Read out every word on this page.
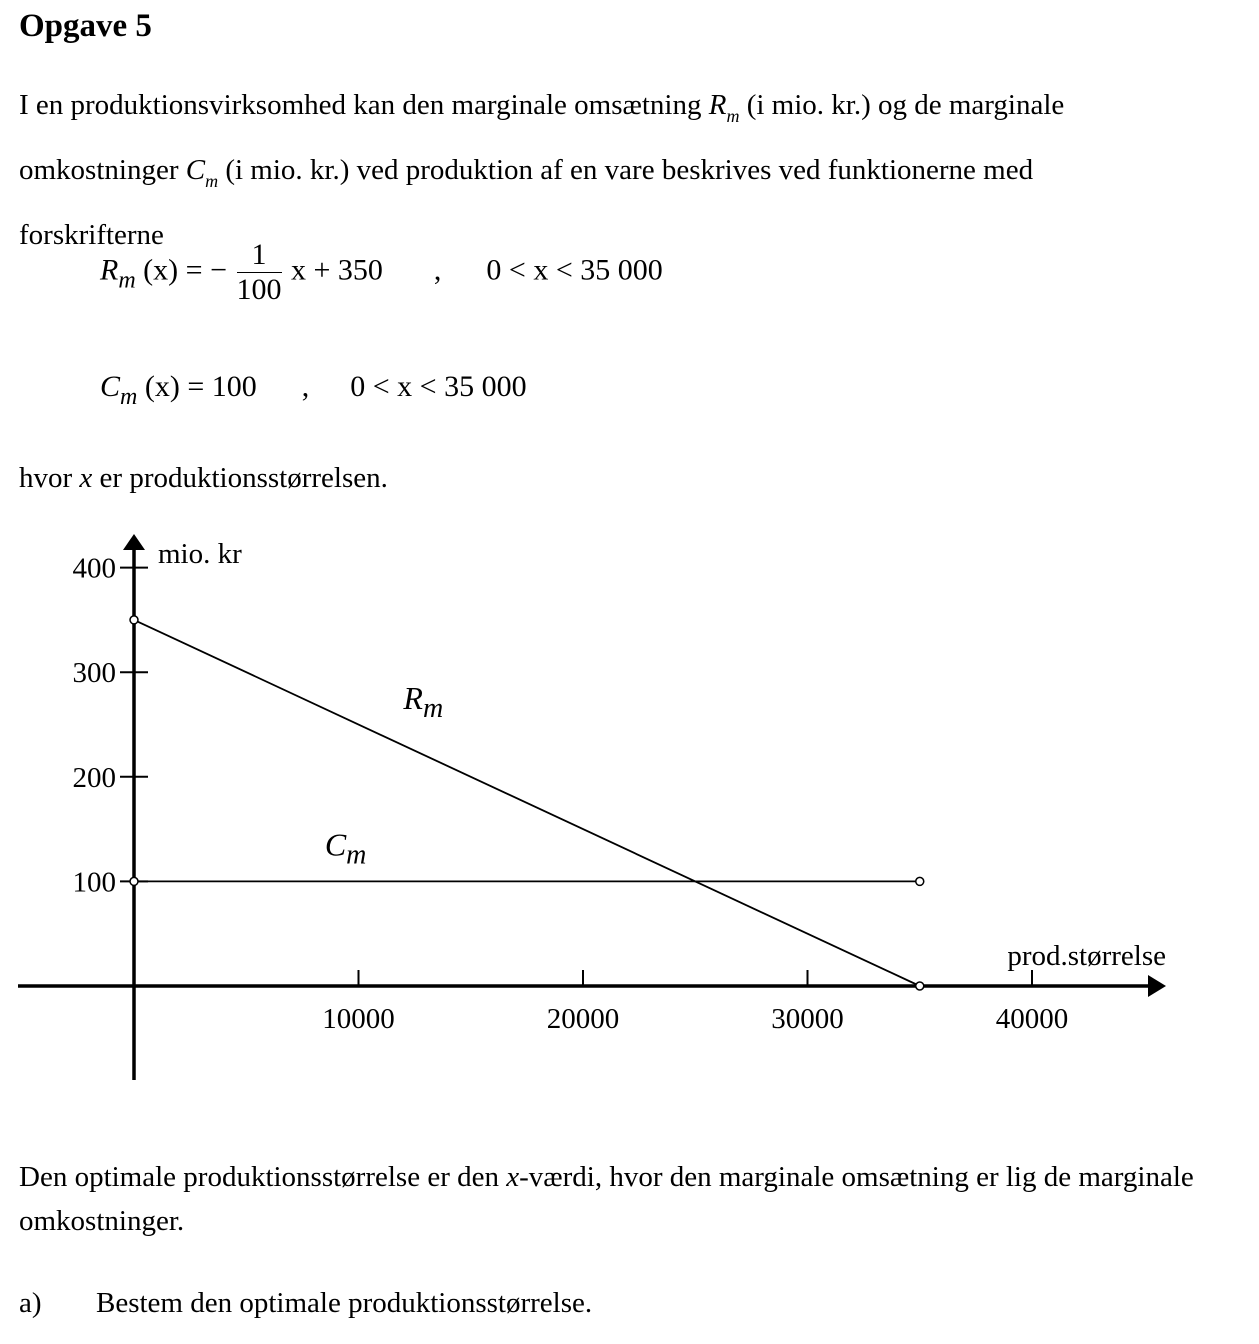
Opgave 5

I en produktionsvirksomhed kan den marginale omsætning $R_m$ (i mio. kr.) og de marginale
omkostninger $C_m$ (i mio. kr.) ved produktion af en vare beskrives ved funktionerne med
forskrifterne

$R_m$ (x) = − $\frac{1}{100}$ x + 350 , 0 < x < 35 000
$C_m$ (x) = 100 , 0 < x < 35 000
hvor x er produktionsstørrelsen.
10000	20000	30000	40000
100
200
300
400 mio. kr
prod.størrelse
Rm
Cm

Den optimale produktionsstørrelse er den x-værdi, hvor den marginale omsætning er lig de marginale omkostninger.

a) Bestem den optimale produktionsstørrelse.
